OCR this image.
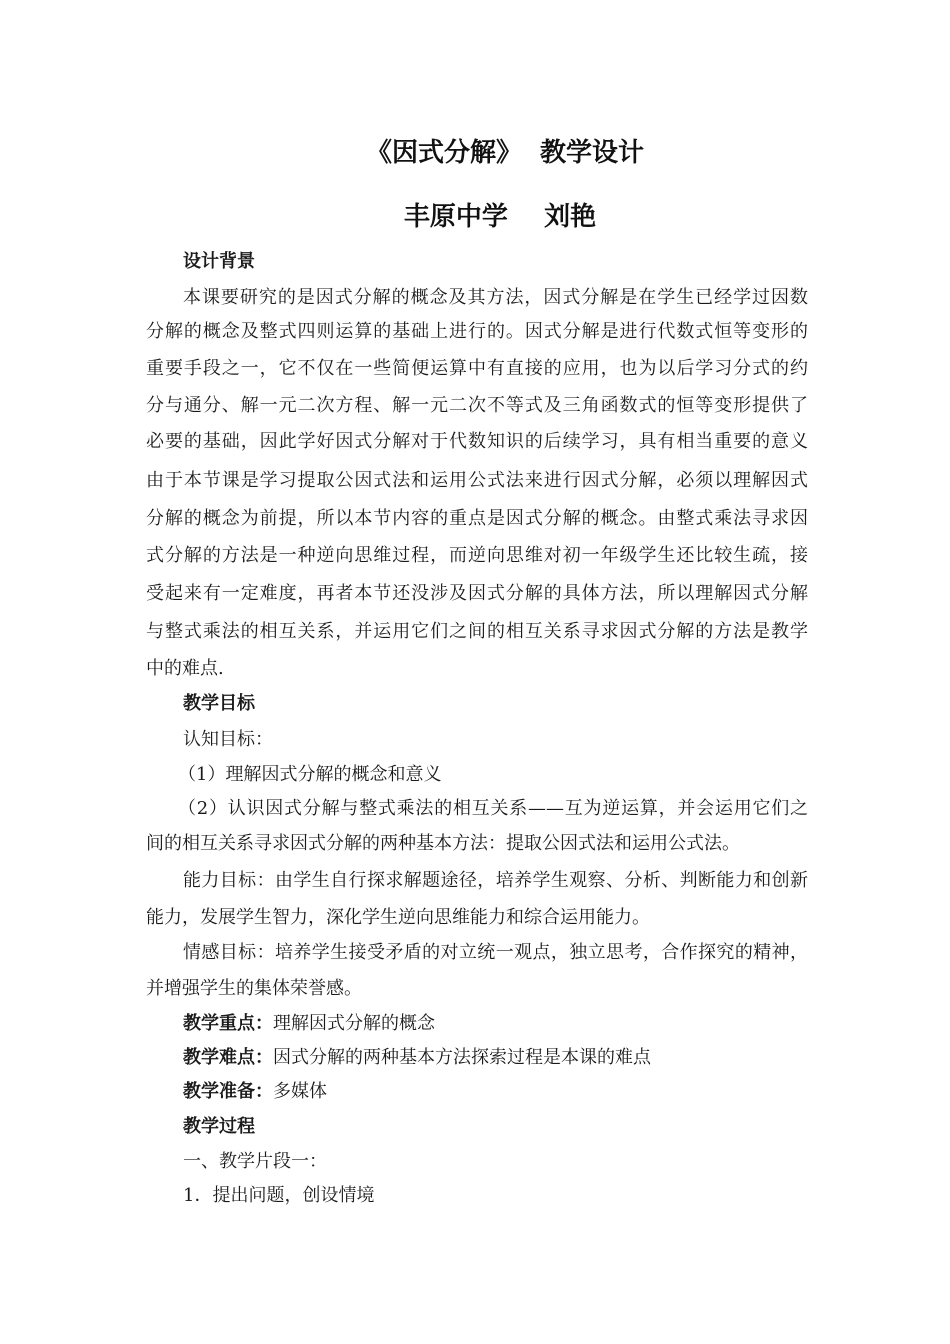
《因式分解》  教学设计
丰原中学    刘艳
设计背景
本课要研究的是因式分解的概念及其方法，因式分解是在学生已经学过因数
分解的概念及整式四则运算的基础上进行的。因式分解是进行代数式恒等变形的
重要手段之一，它不仅在一些简便运算中有直接的应用，也为以后学习分式的约
分与通分、解一元二次方程、解一元二次不等式及三角函数式的恒等变形提供了
必要的基础，因此学好因式分解对于代数知识的后续学习，具有相当重要的意义
由于本节课是学习提取公因式法和运用公式法来进行因式分解，必须以理解因式
分解的概念为前提，所以本节内容的重点是因式分解的概念。由整式乘法寻求因
式分解的方法是一种逆向思维过程，而逆向思维对初一年级学生还比较生疏，接
受起来有一定难度，再者本节还没涉及因式分解的具体方法，所以理解因式分解
与整式乘法的相互关系，并运用它们之间的相互关系寻求因式分解的方法是教学
中的难点.
教学目标
认知目标：
（1）理解因式分解的概念和意义
（2）认识因式分解与整式乘法的相互关系——互为逆运算，并会运用它们之
间的相互关系寻求因式分解的两种基本方法：提取公因式法和运用公式法。
能力目标：由学生自行探求解题途径，培养学生观察、分析、判断能力和创新
能力，发展学生智力，深化学生逆向思维能力和综合运用能力。
情感目标：培养学生接受矛盾的对立统一观点，独立思考，合作探究的精神，
并增强学生的集体荣誉感。
教学重点：理解因式分解的概念
教学难点：因式分解的两种基本方法探索过程是本课的难点
教学准备：多媒体
教学过程
一、教学片段一：
1．提出问题，创设情境
